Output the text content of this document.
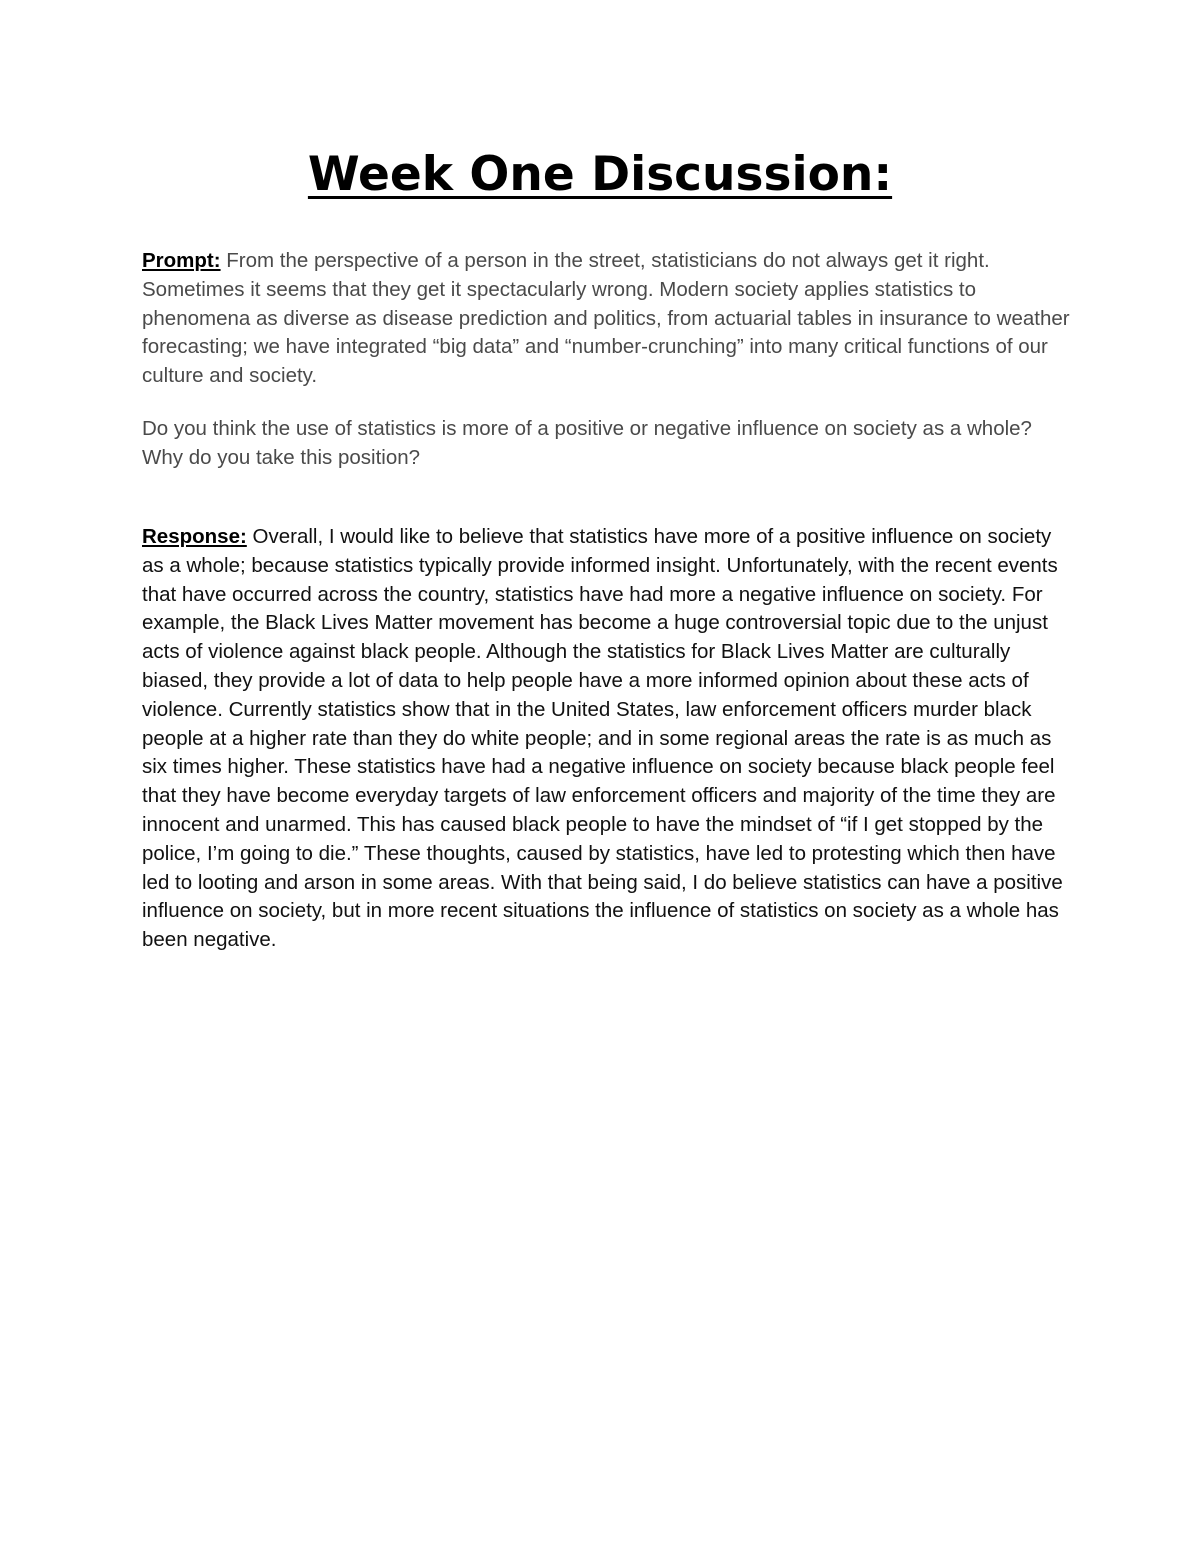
Week One Discussion:

Prompt: From the perspective of a person in the street, statisticians do not always get it right. Sometimes it seems that they get it spectacularly wrong. Modern society applies statistics to phenomena as diverse as disease prediction and politics, from actuarial tables in insurance to weather forecasting; we have integrated “big data” and “number-crunching” into many critical functions of our culture and society.

Do you think the use of statistics is more of a positive or negative influence on society as a whole? Why do you take this position?

Response: Overall, I would like to believe that statistics have more of a positive influence on society as a whole; because statistics typically provide informed insight. Unfortunately, with the recent events that have occurred across the country, statistics have had more a negative influence on society. For example, the Black Lives Matter movement has become a huge controversial topic due to the unjust acts of violence against black people. Although the statistics for Black Lives Matter are culturally biased, they provide a lot of data to help people have a more informed opinion about these acts of violence. Currently statistics show that in the United States, law enforcement officers murder black people at a higher rate than they do white people; and in some regional areas the rate is as much as six times higher. These statistics have had a negative influence on society because black people feel that they have become everyday targets of law enforcement officers and majority of the time they are innocent and unarmed. This has caused black people to have the mindset of “if I get stopped by the police, I’m going to die.” These thoughts, caused by statistics, have led to protesting which then have led to looting and arson in some areas. With that being said, I do believe statistics can have a positive influence on society, but in more recent situations the influence of statistics on society as a whole has been negative.
